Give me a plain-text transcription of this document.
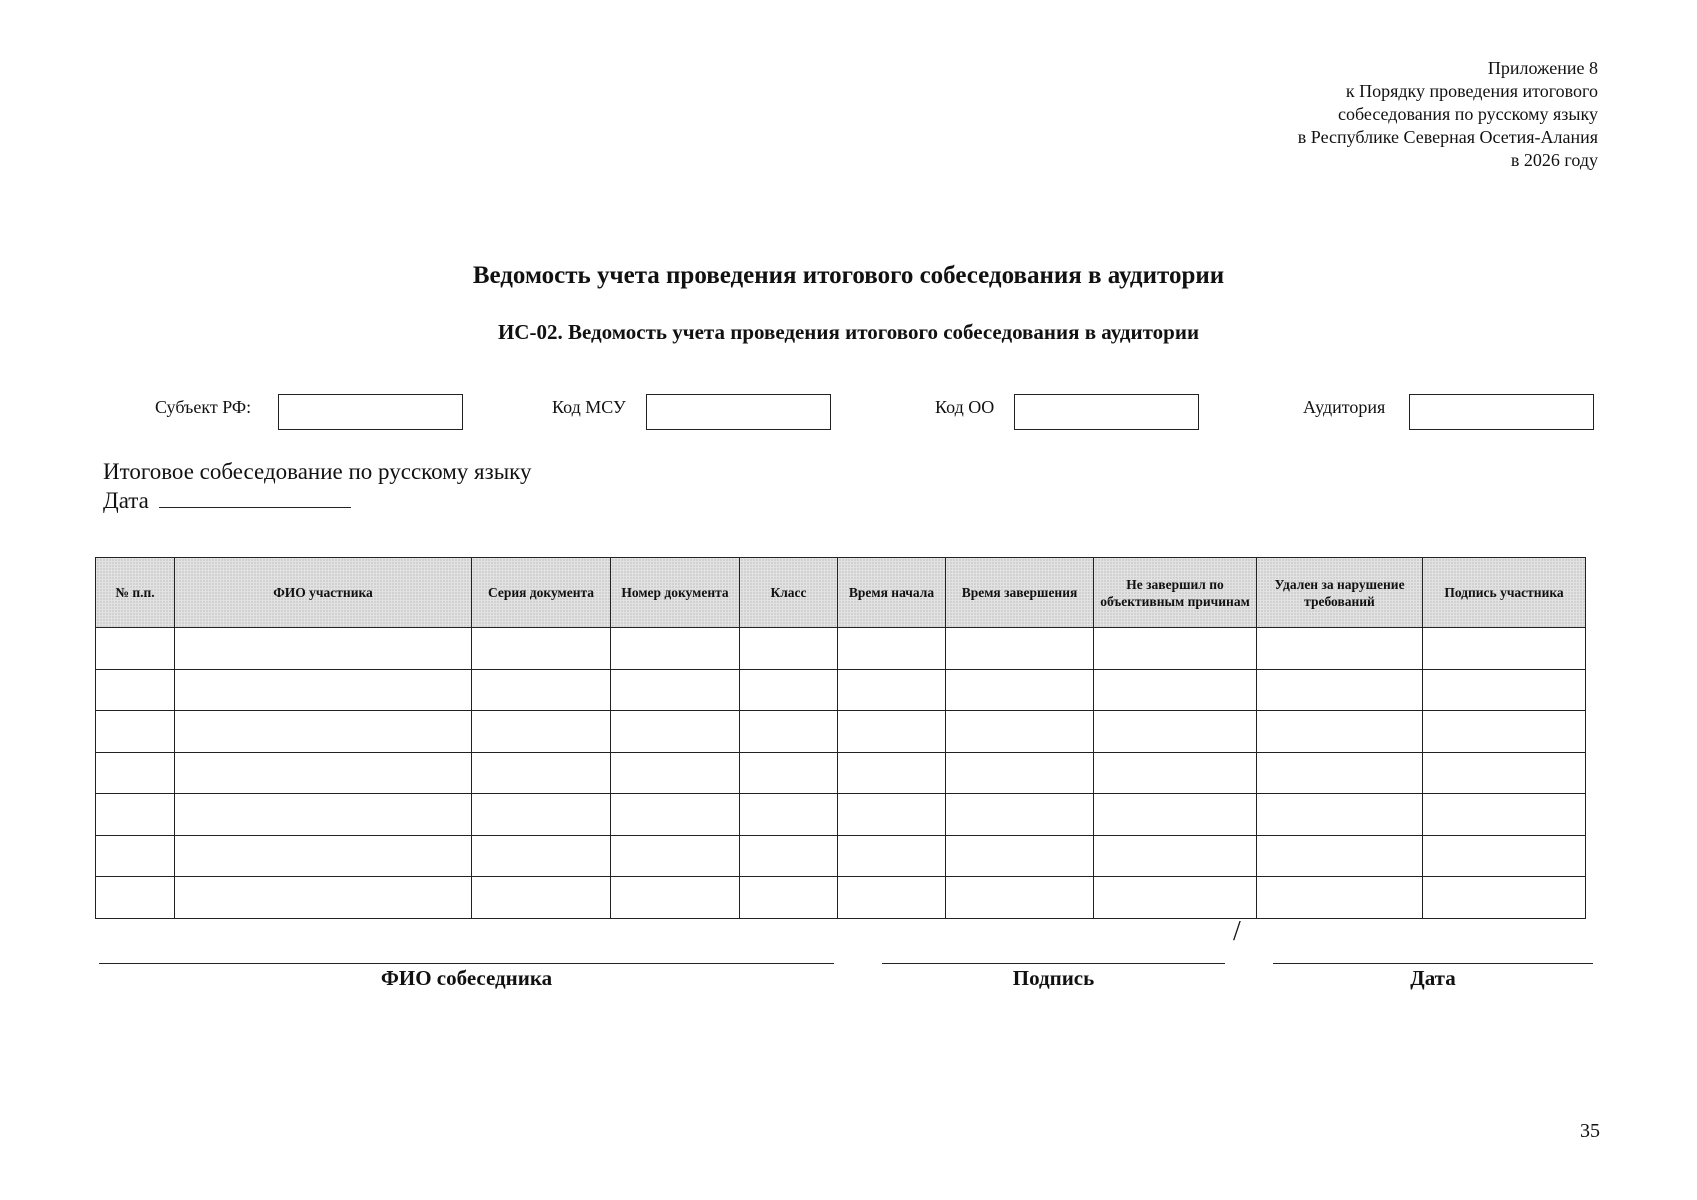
Приложение 8
к Порядку проведения итогового
собеседования по русскому языку
в Республике Северная Осетия-Алания
в 2026 году
Ведомость учета проведения итогового собеседования в аудитории
ИС-02. Ведомость учета проведения итогового собеседования в аудитории
Субъект РФ:	Код МСУ	Код ОО	Аудитория
Итоговое собеседование по русскому языку
Дата
№ п.п.	ФИО участника	Серия документа	Номер документа	Класс	Время начала	Время завершения	Не завершил по объективным причинам	Удален за нарушение требований	Подпись участника

/
ФИО собеседника	Подпись	Дата
35
